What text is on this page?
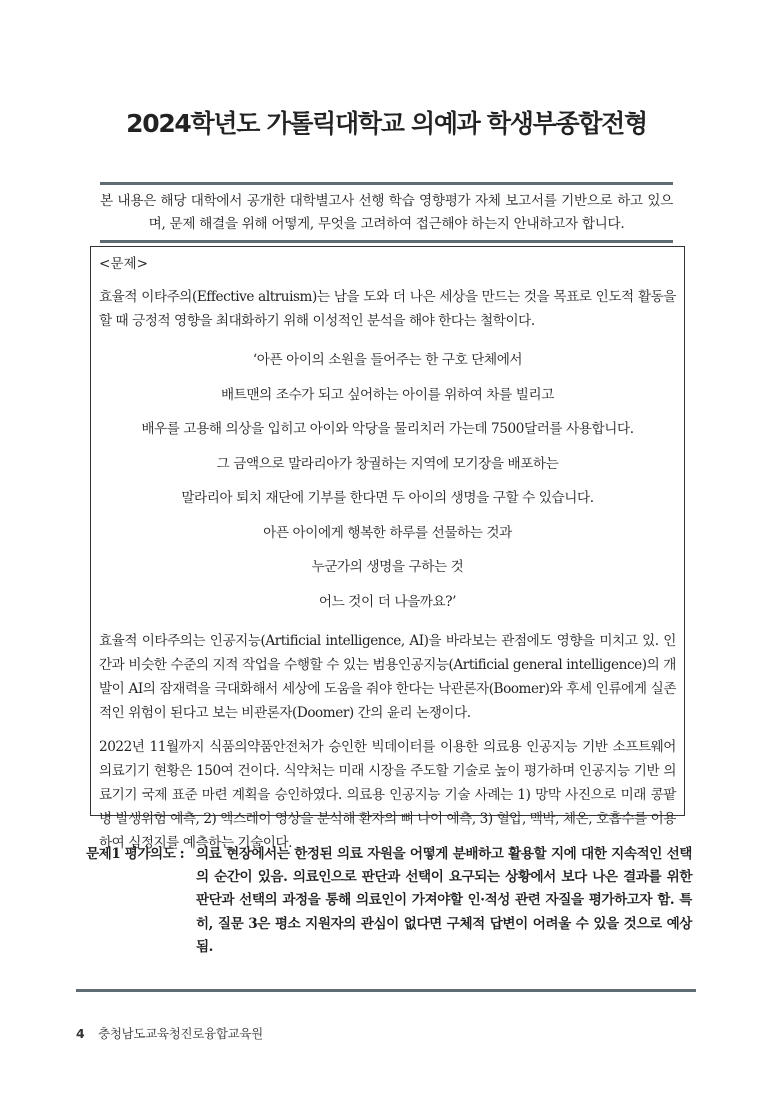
2024학년도 가톨릭대학교 의예과 학생부종합전형
본 내용은 해당 대학에서 공개한 대학별고사 선행 학습 영향평가 자체 보고서를 기반으로 하고 있으며, 문제 해결을 위해 어떻게, 무엇을 고려하여 접근해야 하는지 안내하고자 합니다.
<문제>
효율적 이타주의(Effective altruism)는 남을 도와 더 나은 세상을 만드는 것을 목표로 인도적 활동을 할 때 긍정적 영향을 최대화하기 위해 이성적인 분석을 해야 한다는 철학이다.
‘아픈 아이의 소원을 들어주는 한 구호 단체에서
배트맨의 조수가 되고 싶어하는 아이를 위하여 차를 빌리고
배우를 고용해 의상을 입히고 아이와 악당을 물리치러 가는데 7500달러를 사용합니다.
그 금액으로 말라리아가 창궐하는 지역에 모기장을 배포하는
말라리아 퇴치 재단에 기부를 한다면 두 아이의 생명을 구할 수 있습니다.
아픈 아이에게 행복한 하루를 선물하는 것과
누군가의 생명을 구하는 것
어느 것이 더 나을까요?’
효율적 이타주의는 인공지능(Artificial intelligence, AI)을 바라보는 관점에도 영향을 미치고 있. 인간과 비슷한 수준의 지적 작업을 수행할 수 있는 범용인공지능(Artificial general intelligence)의 개발이 AI의 잠재력을 극대화해서 세상에 도움을 줘야 한다는 낙관론자(Boomer)와 후세 인류에게 실존적인 위험이 된다고 보는 비관론자(Doomer) 간의 윤리 논쟁이다.
2022년 11월까지 식품의약품안전처가 승인한 빅데이터를 이용한 의료용 인공지능 기반 소프트웨어 의료기기 현황은 150여 건이다. 식약처는 미래 시장을 주도할 기술로 높이 평가하며 인공지능 기반 의료기기 국제 표준 마련 계획을 승인하였다. 의료용 인공지능 기술 사례는 1) 망막 사진으로 미래 콩팥병 발생위험 예측, 2) 엑스레이 영상을 분석해 환자의 뼈 나이 예측, 3) 혈압, 맥박, 체온, 호흡수를 이용하여 심정지를 예측하는 기술이다.
문제1 평가의도 : 의료 현장에서는 한정된 의료 자원을 어떻게 분배하고 활용할 지에 대한 지속적인 선택의 순간이 있음. 의료인으로 판단과 선택이 요구되는 상황에서 보다 나은 결과를 위한 판단과 선택의 과정을 통해 의료인이 가져야할 인·적성 관련 자질을 평가하고자 함. 특히, 질문 3은 평소 지원자의 관심이 없다면 구체적 답변이 어려울 수 있을 것으로 예상됨.
4 충청남도교육청진로융합교육원
